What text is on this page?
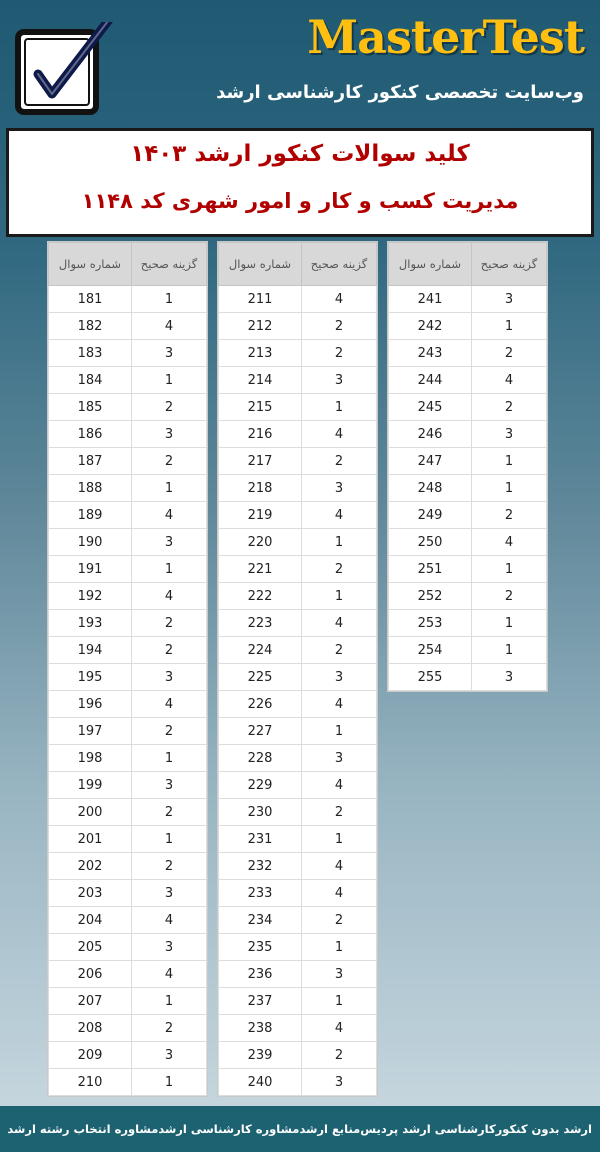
MasterTest
وب‌سایت تخصصی کنکور کارشناسی ارشد
کلید سوالات کنکور ارشد ۱۴۰۳
مدیریت کسب و کار و امور شهری کد ۱۱۴۸
شماره سوال	گزینه صحیح
181	1
182	4
183	3
184	1
185	2
186	3
187	2
188	1
189	4
190	3
191	1
192	4
193	2
194	2
195	3
196	4
197	2
198	1
199	3
200	2
201	1
202	2
203	3
204	4
205	3
206	4
207	1
208	2
209	3
210	1
شماره سوال	گزینه صحیح
211	4
212	2
213	2
214	3
215	1
216	4
217	2
218	3
219	4
220	1
221	2
222	1
223	4
224	2
225	3
226	4
227	1
228	3
229	4
230	2
231	1
232	4
233	4
234	2
235	1
236	3
237	1
238	4
239	2
240	3
شماره سوال	گزینه صحیح
241	3
242	1
243	2
244	4
245	2
246	3
247	1
248	1
249	2
250	4
251	1
252	2
253	1
254	1
255	3
ارشد بدون کنکور
کارشناسی ارشد پردیس
منابع ارشد
مشاوره کارشناسی ارشد
مشاوره انتخاب رشته ارشد
